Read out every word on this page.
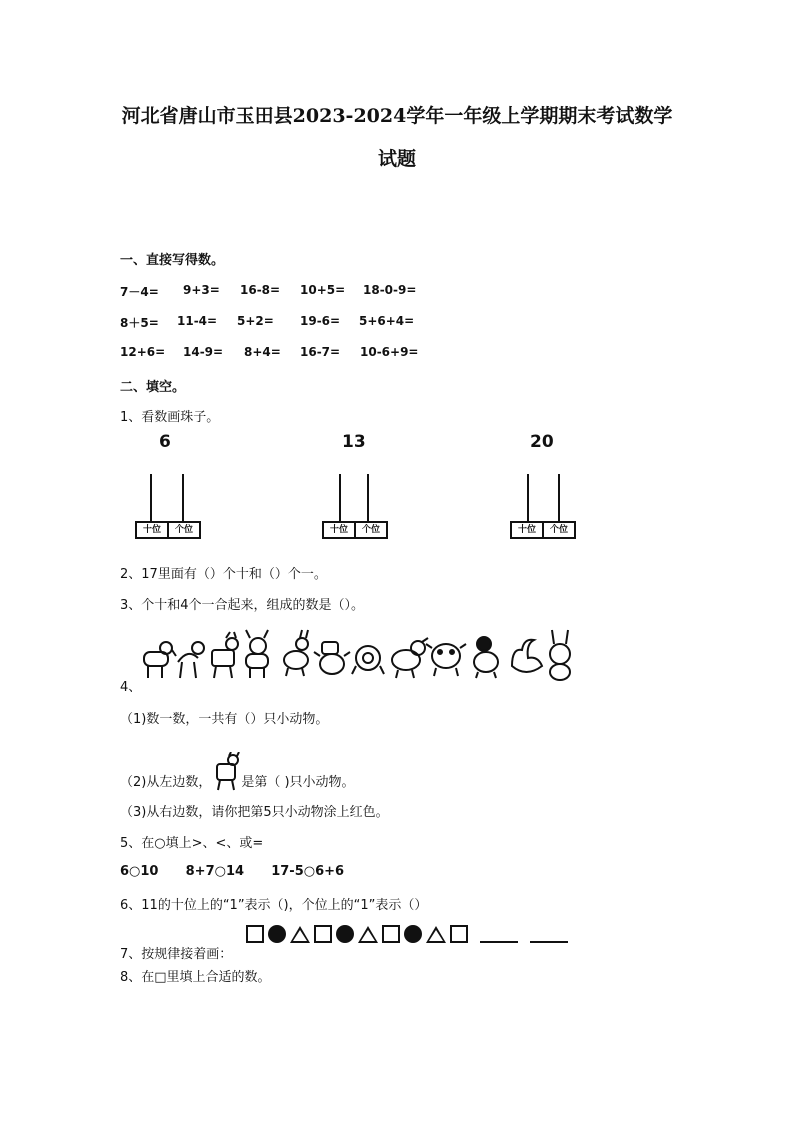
河北省唐山市玉田县2023-2024学年一年级上学期期末考试数学
试题
一、直接写得数。
7－4= 9+3= 16-8= 10+5= 18-0-9=
8＋5= 11-4= 5+2= 19-6= 5+6+4=
12+6= 14-9= 8+4= 16-7= 10-6+9=
二、填空。
1、看数画珠子。
6
十位	个位
13
十位	个位
20
十位	个位
2、17里面有（）个十和（）个一。
3、个十和4个一合起来，组成的数是（）。
4、
（1)数一数，一共有（）只小动物。
（2)从左边数， 是第（ )只小动物。
（3)从右边数，请你把第5只小动物涂上红色。
5、在○填上>、<、或=
6○10      8+7○14      17-5○6+6
6、11的十位上的“1”表示（)，个位上的“1”表示（）
7、按规律接着画：
8、在□里填上合适的数。
